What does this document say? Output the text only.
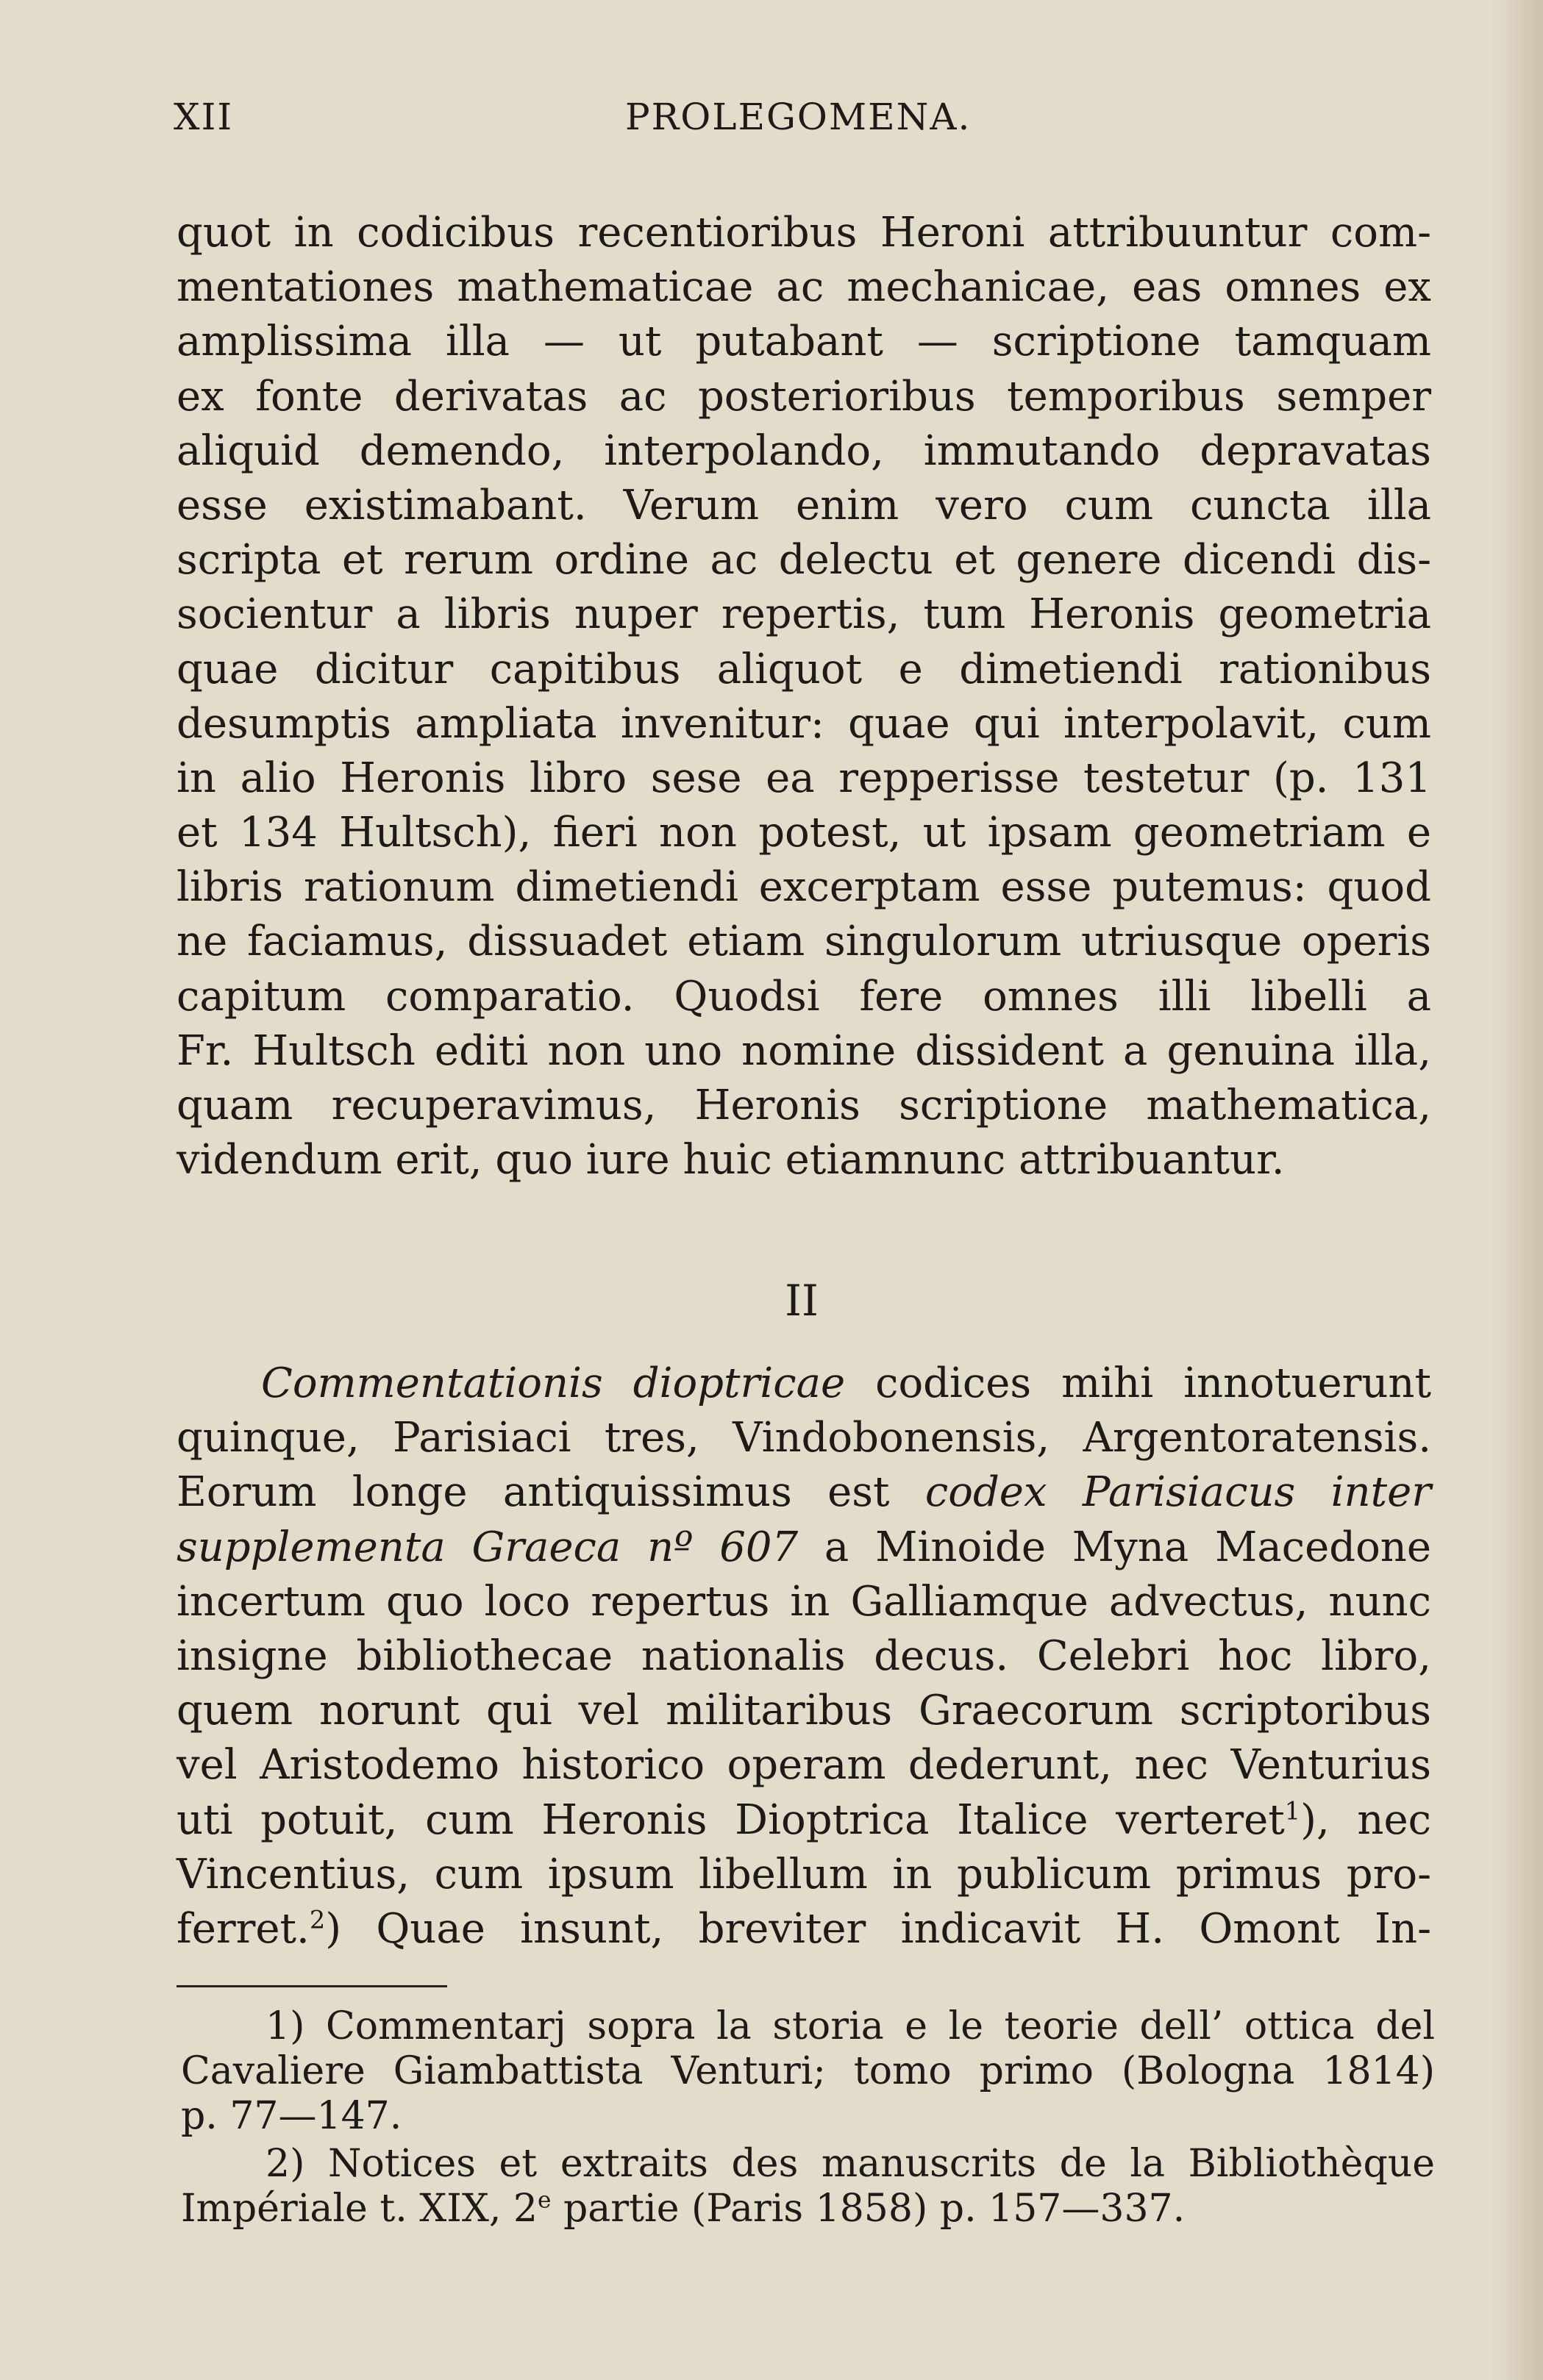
XII	PROLEGOMENA.
quot in codicibus recentioribus Heroni attribuuntur com-
mentationes mathematicae ac mechanicae, eas omnes ex
amplissima illa — ut putabant — scriptione tamquam
ex fonte derivatas ac posterioribus temporibus semper
aliquid demendo, interpolando, immutando depravatas
esse existimabant. Verum enim vero cum cuncta illa
scripta et rerum ordine ac delectu et genere dicendi dis-
socientur a libris nuper repertis, tum Heronis geometria
quae dicitur capitibus aliquot e dimetiendi rationibus
desumptis ampliata invenitur: quae qui interpolavit, cum
in alio Heronis libro sese ea repperisse testetur (p. 131
et 134 Hultsch), fieri non potest, ut ipsam geometriam e
libris rationum dimetiendi excerptam esse putemus: quod
ne faciamus, dissuadet etiam singulorum utriusque operis
capitum comparatio. Quodsi fere omnes illi libelli a
Fr. Hultsch editi non uno nomine dissident a genuina illa,
quam recuperavimus, Heronis scriptione mathematica,
videndum erit, quo iure huic etiamnunc attribuantur.
II
Commentationis dioptricae codices mihi innotuerunt
quinque, Parisiaci tres, Vindobonensis, Argentoratensis.
Eorum longe antiquissimus est codex Parisiacus inter
supplementa Graeca nº 607 a Minoide Myna Macedone
incertum quo loco repertus in Galliamque advectus, nunc
insigne bibliothecae nationalis decus. Celebri hoc libro,
quem norunt qui vel militaribus Graecorum scriptoribus
vel Aristodemo historico operam dederunt, nec Venturius
uti potuit, cum Heronis Dioptrica Italice verteret$^1$), nec
Vincentius, cum ipsum libellum in publicum primus pro-
ferret.$^2$) Quae insunt, breviter indicavit H. Omont In-
1) Commentarj sopra la storia e le teorie dell’ ottica del
Cavaliere Giambattista Venturi; tomo primo (Bologna 1814)
p. 77—147.
2) Notices et extraits des manuscrits de la Bibliothèque
Impériale t. XIX, 2e partie (Paris 1858) p. 157—337.
